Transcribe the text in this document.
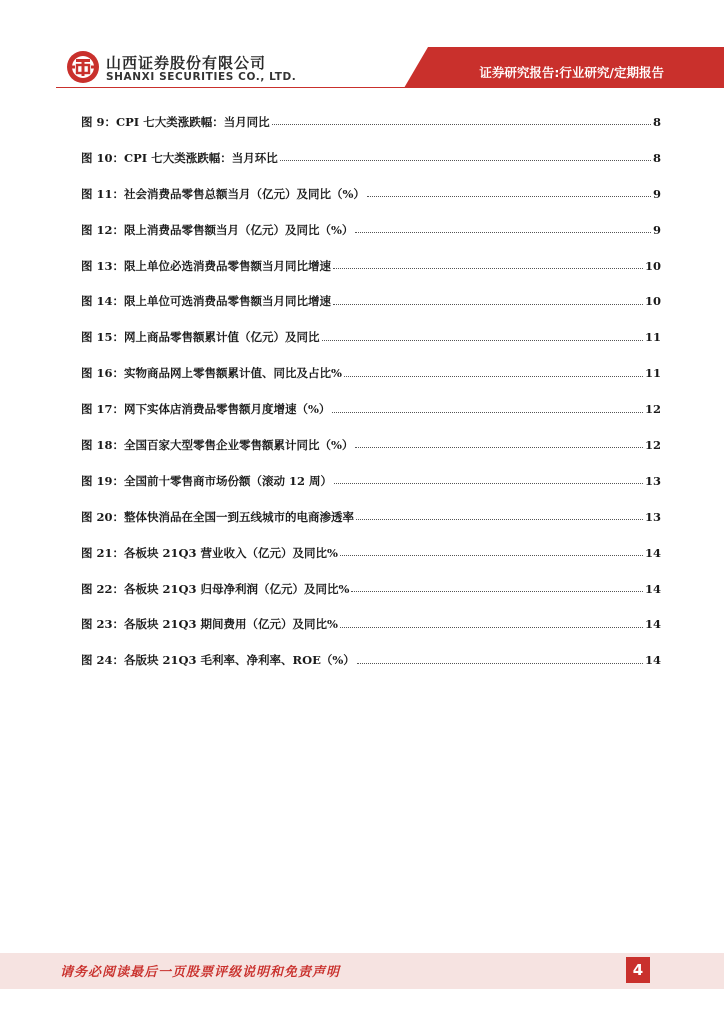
山西证券股份有限公司
SHANXI SECURITIES CO., LTD.	证券研究报告:行业研究/定期报告
图 9：CPI 七大类涨跌幅：当月同比	8
图 10：CPI 七大类涨跌幅：当月环比	8
图 11：社会消费品零售总额当月（亿元）及同比（%）	9
图 12：限上消费品零售额当月（亿元）及同比（%）	9
图 13：限上单位必选消费品零售额当月同比增速	10
图 14：限上单位可选消费品零售额当月同比增速	10
图 15：网上商品零售额累计值（亿元）及同比	11
图 16：实物商品网上零售额累计值、同比及占比%	11
图 17：网下实体店消费品零售额月度增速（%）	12
图 18：全国百家大型零售企业零售额累计同比（%）	12
图 19：全国前十零售商市场份额（滚动 12 周）	13
图 20：整体快消品在全国一到五线城市的电商渗透率	13
图 21：各板块 21Q3 营业收入（亿元）及同比%	14
图 22：各板块 21Q3 归母净利润（亿元）及同比%	14
图 23：各版块 21Q3 期间费用（亿元）及同比%	14
图 24：各版块 21Q3 毛利率、净利率、ROE（%）	14
请务必阅读最后一页股票评级说明和免责声明	4
